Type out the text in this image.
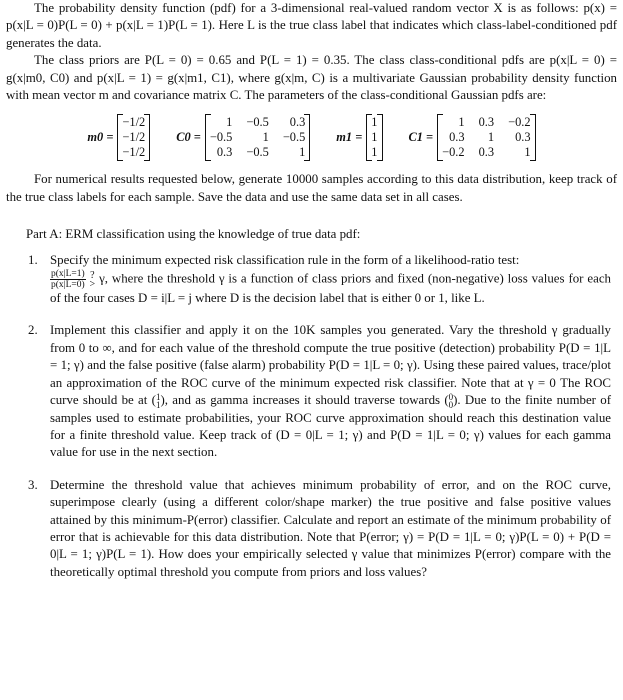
The probability density function (pdf) for a 3-dimensional real-valued random vector X is as follows: p(x) = p(x|L = 0)P(L = 0) + p(x|L = 1)P(L = 1). Here L is the true class label that indicates which class-label-conditioned pdf generates the data.

The class priors are P(L = 0) = 0.65 and P(L = 1) = 0.35. The class class-conditional pdfs are p(x|L = 0) = g(x|m0, C0) and p(x|L = 1) = g(x|m1, C1), where g(x|m, C) is a multivariate Gaussian probability density function with mean vector m and covariance matrix C. The parameters of the class-conditional Gaussian pdfs are:

m0 =
−1/2
−1/2
−1/2
C0 =
1 −0.5	0.3
−0.5	1 −0.5
0.3 −0.5	1
m1 =
1
1
1
C1 =
1 0.3 −0.2
0.3	1	0.3
−0.2 0.3	1

For numerical results requested below, generate 10000 samples according to this data distribution, keep track of the true class labels for each sample. Save the data and use the same data set in all cases.

Part A: ERM classification using the knowledge of true data pdf:

1. Specify the minimum expected risk classification rule in the form of a likelihood-ratio test:

$\frac{p(x|L=1)}{p(x|L=0)}$ ?
> γ, where the threshold γ is a function of class priors and fixed (non-negative) loss values for each of the four cases D = i|L = j where D is the decision label that is either 0 or 1, like L.
2. Implement this classifier and apply it on the 10K samples you generated. Vary the threshold γ gradually from 0 to ∞, and for each value of the threshold compute the true positive (detection) probability P(D = 1|L = 1; γ) and the false positive (false alarm) probability P(D = 1|L = 0; γ). Using these paired values, trace/plot an approximation of the ROC curve of the minimum expected risk classifier. Note that at γ = 0 The ROC curve should be at (1
1), and as gamma increases it should traverse towards (0
0). Due to the finite number of samples used to estimate probabilities, your ROC curve approximation should reach this destination value for a finite threshold value. Keep track of (D = 0|L = 1; γ) and P(D = 1|L = 0; γ) values for each gamma value for use in the next section.
3. Determine the threshold value that achieves minimum probability of error, and on the ROC curve, superimpose clearly (using a different color/shape marker) the true positive and false positive values attained by this minimum-P(error) classifier. Calculate and report an estimate of the minimum probability of error that is achievable for this data distribution. Note that P(error; γ) = P(D = 1|L = 0; γ)P(L = 0) + P(D = 0|L = 1; γ)P(L = 1). How does your empirically selected γ value that minimizes P(error) compare with the theoretically optimal threshold you compute from priors and loss values?
